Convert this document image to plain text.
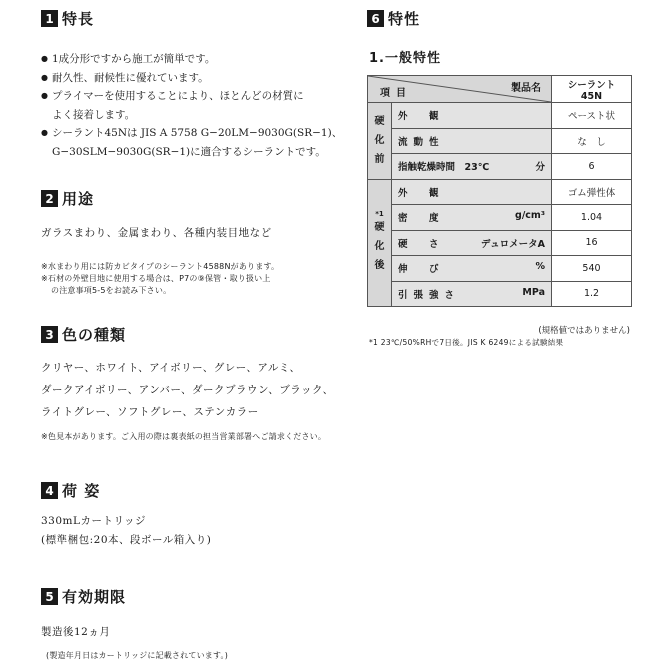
1 特長
● 1成分形ですから施工が簡単です。
● 耐久性、耐候性に優れています。
● プライマーを使用することにより、ほとんどの材質に
よく接着します。
● シーラント45Nは JIS A 5758 G−20LM−9030G(SR−1)、
G−30SLM−9030G(SR−1)に適合するシーラントです。
2 用途
ガラスまわり、金属まわり、各種内装目地など
※水まわり用には防カビタイプのシーラント4588Nがあります。
※石材の外壁目地に使用する場合は、P7の⑨保管・取り扱い上
の注意事項5-5をお読み下さい。
3 色の種類
クリヤー、ホワイト、アイボリー、グレー、アルミ、
ダークアイボリー、アンバー、ダークブラウン、ブラック、
ライトグレー、ソフトグレー、ステンカラー
※色見本があります。ご入用の際は裏表紙の担当営業部署へご請求ください。
4 荷 姿
330mLカートリッジ
(標準梱包:20本、段ボール箱入り)
5 有効期限
製造後12ヵ月
(製造年月日はカートリッジに記載されています。)
6 特性
1.一般特性
製品名
項目		シーラント45N
硬
化
前	外　観	ペースト状
	流動性	な　し

	指触乾燥時間　23℃ 分	6

*1
硬
化
後	外　観	ゴム弾性体

	密　度 g/cm³	1.04

	硬　さ デュロメータA	16

	伸　び %	540

	引張強さ MPa	1.2
(規格値ではありません)
*1 23℃/50%RHで7日後。JIS K 6249による試験結果
